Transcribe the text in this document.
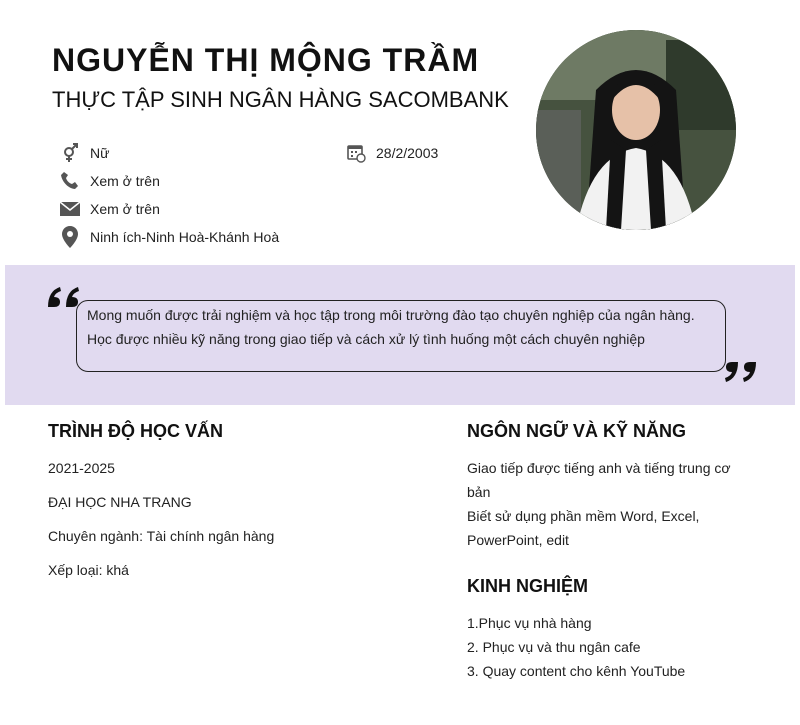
NGUYỄN THỊ MỘNG TRẦM
THỰC TẬP SINH NGÂN HÀNG SACOMBANK
Nữ	28/2/2003
Xem ở trên
Xem ở trên
Ninh ích-Ninh Hoà-Khánh Hoà
Mong muốn được trải nghiệm và học tập trong môi trường đào tạo chuyên nghiệp của ngân hàng.
Học được nhiều kỹ năng trong giao tiếp và cách xử lý tình huống một cách chuyên nghiệp
TRÌNH ĐỘ HỌC VẤN
2021-2025
ĐẠI HỌC NHA TRANG
Chuyên ngành: Tài chính ngân hàng
Xếp loại: khá
NGÔN NGỮ VÀ KỸ NĂNG
Giao tiếp được tiếng anh và tiếng trung cơ bản
Biết sử dụng phần mềm Word, Excel, PowerPoint, edit
KINH NGHIỆM
1.Phục vụ nhà hàng
2. Phục vụ và thu ngân cafe
3. Quay content cho kênh YouTube
